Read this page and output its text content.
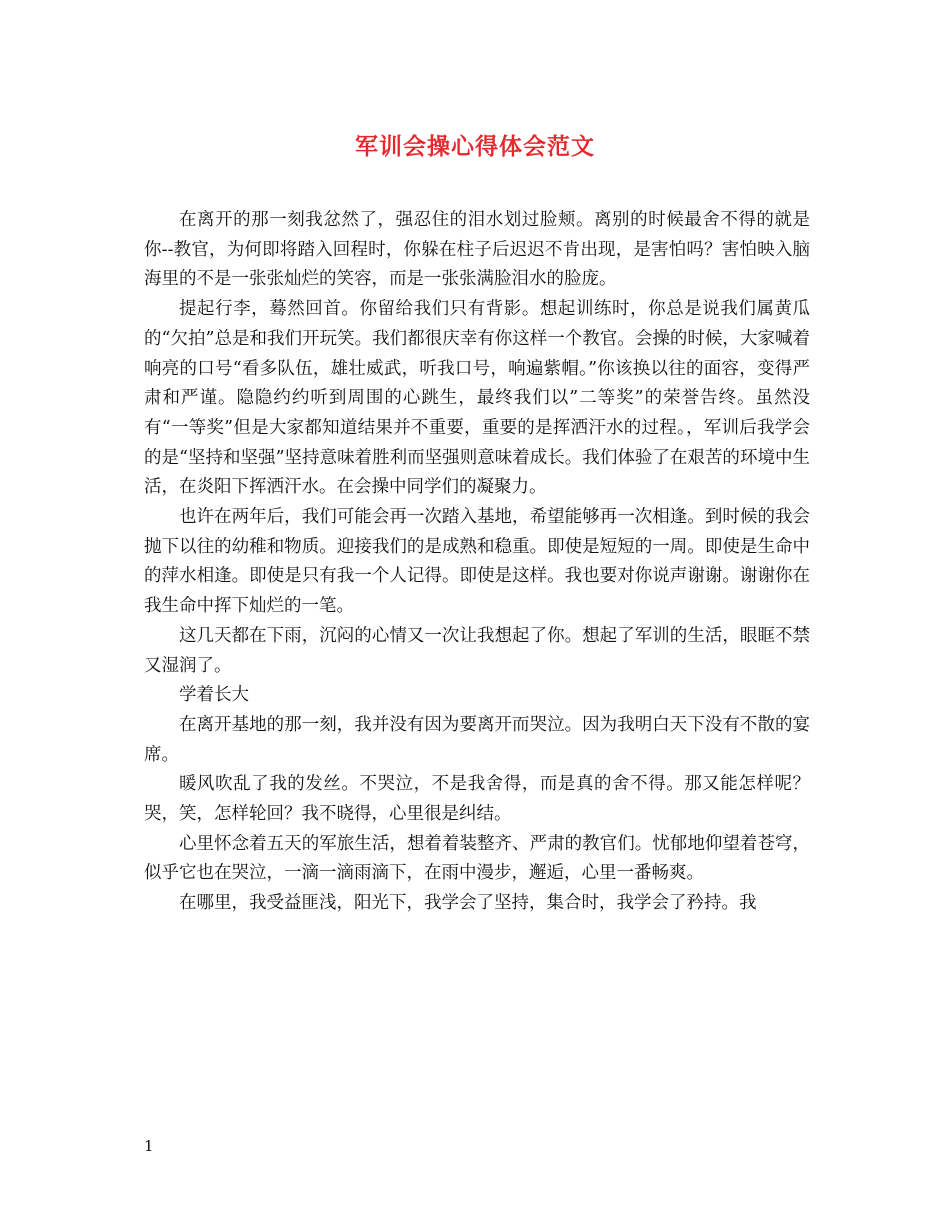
军训会操心得体会范文

在离开的那一刻我忿然了，强忍住的泪水划过脸颊。离别的时候最舍不得的就是你--教官，为何即将踏入回程时，你躲在柱子后迟迟不肯出现，是害怕吗？害怕映入脑海里的不是一张张灿烂的笑容，而是一张张满脸泪水的脸庞。

提起行李，蓦然回首。你留给我们只有背影。想起训练时，你总是说我们属黄瓜的“欠拍”总是和我们开玩笑。我们都很庆幸有你这样一个教官。会操的时候，大家喊着响亮的口号“看多队伍，雄壮威武，听我口号，响遍紫帽。”你该换以往的面容，变得严肃和严谨。隐隐约约听到周围的心跳生，最终我们以”二等奖”的荣誉告终。虽然没有“一等奖”但是大家都知道结果并不重要，重要的是挥洒汗水的过程。，军训后我学会的是“坚持和坚强”坚持意味着胜利而坚强则意味着成长。我们体验了在艰苦的环境中生活，在炎阳下挥洒汗水。在会操中同学们的凝聚力。

也许在两年后，我们可能会再一次踏入基地，希望能够再一次相逢。到时候的我会抛下以往的幼稚和物质。迎接我们的是成熟和稳重。即使是短短的一周。即使是生命中的萍水相逢。即使是只有我一个人记得。即使是这样。我也要对你说声谢谢。谢谢你在我生命中挥下灿烂的一笔。

这几天都在下雨，沉闷的心情又一次让我想起了你。想起了军训的生活，眼眶不禁又湿润了。

学着长大

在离开基地的那一刻，我并没有因为要离开而哭泣。因为我明白天下没有不散的宴席。

暖风吹乱了我的发丝。不哭泣，不是我舍得，而是真的舍不得。那又能怎样呢？哭，笑，怎样轮回？我不晓得，心里很是纠结。

心里怀念着五天的军旅生活，想着着装整齐、严肃的教官们。忧郁地仰望着苍穹，似乎它也在哭泣，一滴一滴雨滴下，在雨中漫步，邂逅，心里一番畅爽。

在哪里，我受益匪浅，阳光下，我学会了坚持，集合时，我学会了矜持。我

1
